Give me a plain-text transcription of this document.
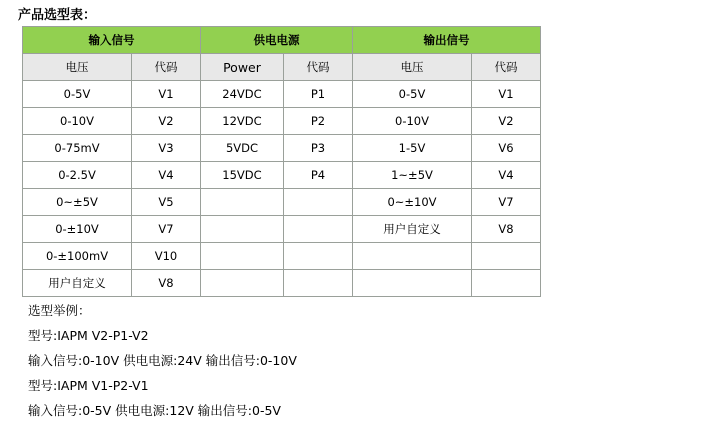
产品选型表：
输入信号		供电电源		输出信号	
电压	代码	Power	代码	电压	代码
0-5V	V1	24VDC	P1	0-5V	V1
0-10V	V2	12VDC	P2	0-10V	V2
0-75mV	V3	5VDC	P3	1-5V	V6
0-2.5V	V4	15VDC	P4	1~±5V	V4
0~±5V	V5			0~±10V	V7
0-±10V	V7			用户自定义	V8
0-±100mV	V10				
用户自定义	V8				
选型举例：
型号:IAPM V2-P1-V2
输入信号:0-10V 供电电源:24V 输出信号:0-10V
型号:IAPM V1-P2-V1
输入信号:0-5V 供电电源:12V 输出信号:0-5V
